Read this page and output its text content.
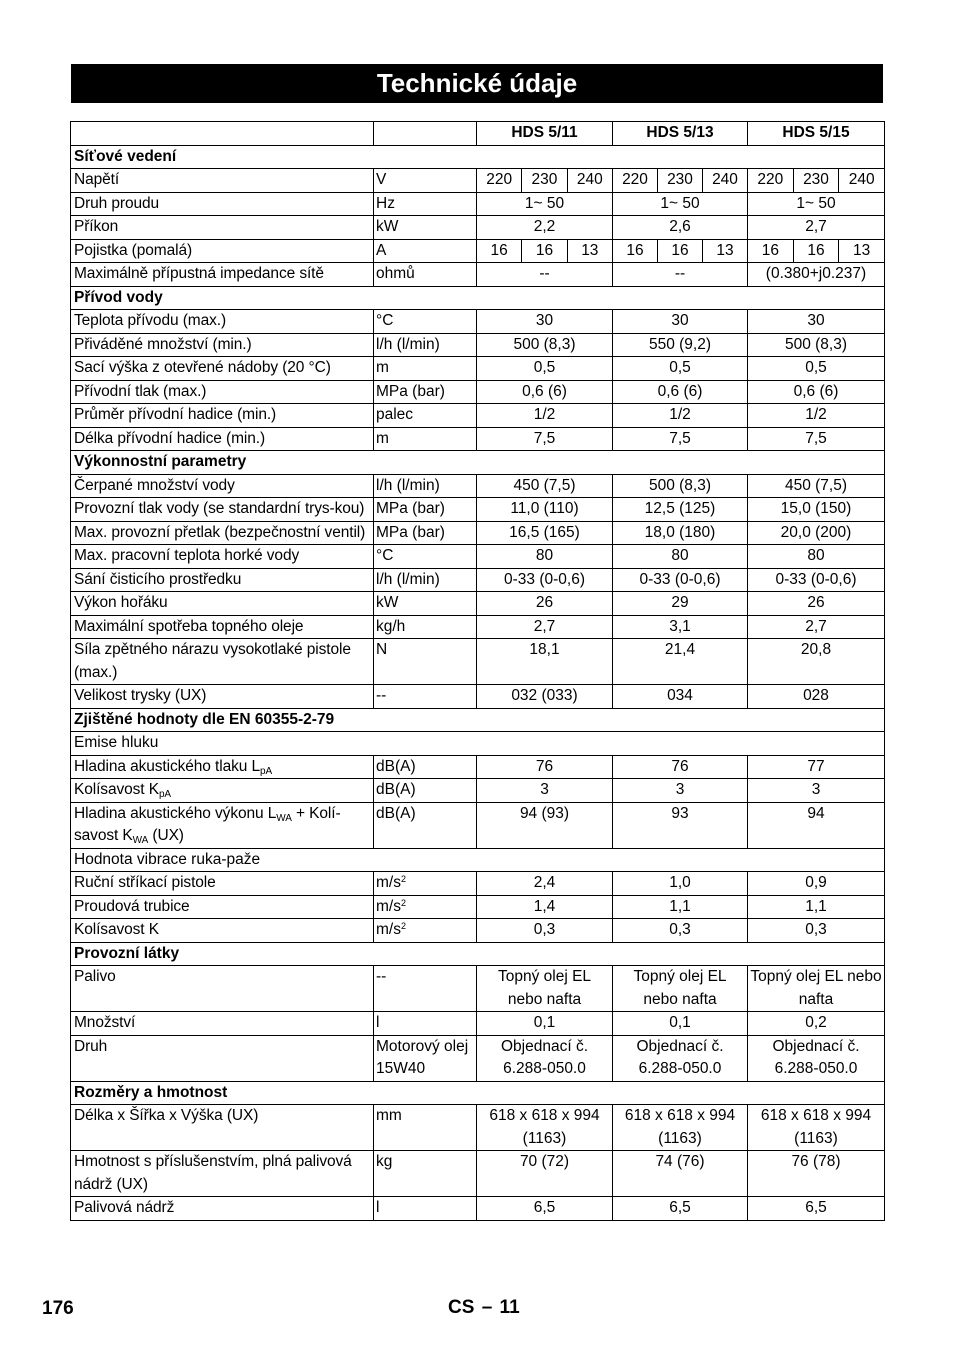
Technické údaje
		HDS 5/11	HDS 5/13	HDS 5/15
Síťové vedení				
Napětí	V	220 230 240	220 230 240	220 230 240

Druh proudu	Hz	1~ 50	1~ 50	1~ 50
Příkon	kW	2,2	2,6	2,7
Pojistka (pomalá)	A	16 16 13	16 16 13	16 16 13

Maximálně přípustná impedance sítě	ohmů	--	--	(0.380+j0.237)
Přívod vody				
Teplota přívodu (max.)	°C	30	30	30
Přiváděné množství (min.)	l/h (l/min)	500 (8,3)	550 (9,2)	500 (8,3)
Sací výška z otevřené nádoby (20 °C)	m	0,5	0,5	0,5
Přívodní tlak (max.)	MPa (bar)	0,6 (6)	0,6 (6)	0,6 (6)
Průměr přívodní hadice (min.)	palec	1/2	1/2	1/2
Délka přívodní hadice (min.)	m	7,5	7,5	7,5
Výkonnostní parametry				
Čerpané množství vody	l/h (l/min)	450 (7,5)	500 (8,3)	450 (7,5)
Provozní tlak vody (se standardní trys-kou)	MPa (bar)	11,0 (110)	12,5 (125)	15,0 (150)
Max. provozní přetlak (bezpečnostní ventil)	MPa (bar)	16,5 (165)	18,0 (180)	20,0 (200)
Max. pracovní teplota horké vody	°C	80	80	80
Sání čisticího prostředku	l/h (l/min)	0-33 (0-0,6)	0-33 (0-0,6)	0-33 (0-0,6)
Výkon hořáku	kW	26	29	26
Maximální spotřeba topného oleje	kg/h	2,7	3,1	2,7
Síla zpětného nárazu vysokotlaké pistole (max.)	N	18,1	21,4	20,8
Velikost trysky (UX)	--	032 (033)	034	028
Zjištěné hodnoty dle EN 60355-2-79				
Emise hluku				
Hladina akustického tlaku $L_{pA}$	dB(A)	76	76	77
Kolísavost $K_{pA}$	dB(A)	3	3	3
Hladina akustického výkonu $L_{WA}$ + Kolí-savost $K_{WA}$ (UX)	dB(A)	94 (93)	93	94
Hodnota vibrace ruka-paže				
Ruční stříkací pistole	$m/s^2$	2,4	1,0	0,9
Proudová trubice	$m/s^2$	1,4	1,1	1,1
Kolísavost K	$m/s^2$	0,3	0,3	0,3
Provozní látky				
Palivo	--	Topný olej EL nebo nafta	Topný olej EL nebo nafta	Topný olej EL nebo nafta
Množství	l	0,1	0,1	0,2
Druh	Motorový olej 15W40	Objednací č. 6.288-050.0	Objednací č. 6.288-050.0	Objednací č. 6.288-050.0
Rozměry a hmotnost				
Délka x Šířka x Výška (UX)	mm	618 x 618 x 994 (1163)	618 x 618 x 994 (1163)	618 x 618 x 994 (1163)
Hmotnost s příslušenstvím, plná palivová nádrž (UX)	kg	70 (72)	74 (76)	76 (78)
Palivová nádrž	l	6,5	6,5	6,5
176	CS – 11
